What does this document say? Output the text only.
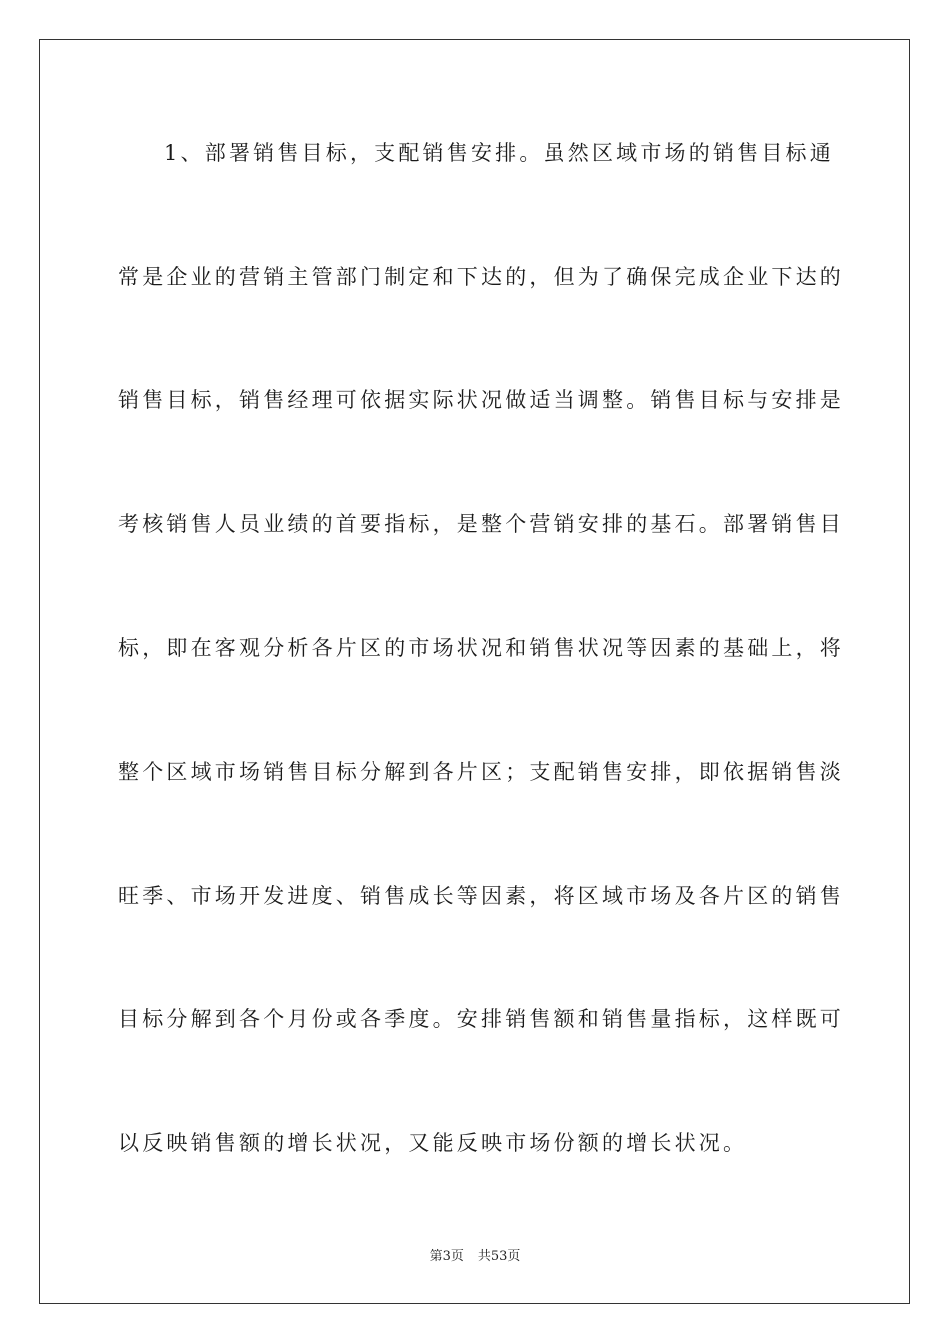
1、部署销售目标，支配销售安排。虽然区域市场的销售目标通
常是企业的营销主管部门制定和下达的，但为了确保完成企业下达的
销售目标，销售经理可依据实际状况做适当调整。销售目标与安排是
考核销售人员业绩的首要指标，是整个营销安排的基石。部署销售目
标，即在客观分析各片区的市场状况和销售状况等因素的基础上，将
整个区域市场销售目标分解到各片区；支配销售安排，即依据销售淡
旺季、市场开发进度、销售成长等因素，将区域市场及各片区的销售
目标分解到各个月份或各季度。安排销售额和销售量指标，这样既可
以反映销售额的增长状况，又能反映市场份额的增长状况。
第3页 共53页
